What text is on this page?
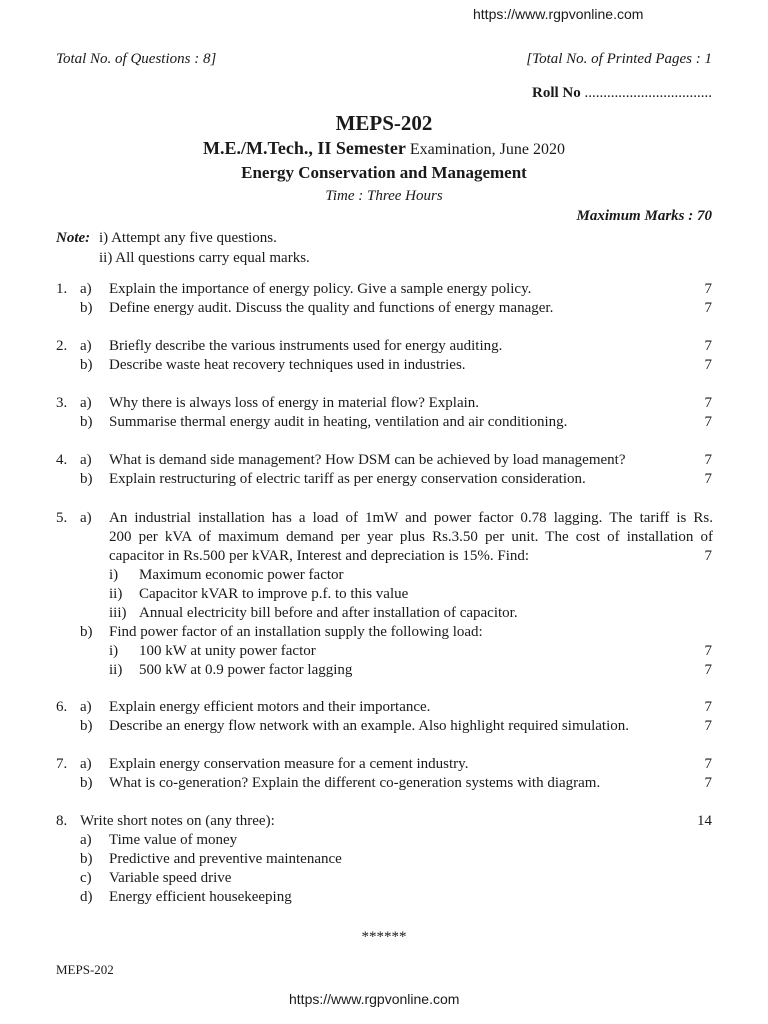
https://www.rgpvonline.com
Total No. of Questions : 8]	[Total No. of Printed Pages : 1
Roll No ..................................
MEPS-202
M.E./M.Tech., II Semester Examination, June 2020
Energy Conservation and Management
Time : Three Hours
Maximum Marks : 70
Note: i) Attempt any five questions.
ii) All questions carry equal marks.
1. a) Explain the importance of energy policy. Give a sample energy policy.	7
b) Define energy audit. Discuss the quality and functions of energy manager.	7
2. a) Briefly describe the various instruments used for energy auditing.	7
b) Describe waste heat recovery techniques used in industries.	7
3. a) Why there is always loss of energy in material flow? Explain.	7
b) Summarise thermal energy audit in heating, ventilation and air conditioning.	7
4. a) What is demand side management? How DSM can be achieved by load management?	7
b) Explain restructuring of electric tariff as per energy conservation consideration.	7
5. a) An industrial installation has a load of 1mW and power factor 0.78 lagging. The tariff is Rs.
200 per kVA of maximum demand per year plus Rs.3.50 per unit. The cost of installation of
capacitor in Rs.500 per kVAR, Interest and depreciation is 15%. Find:	7
i) Maximum economic power factor
ii) Capacitor kVAR to improve p.f. to this value
iii) Annual electricity bill before and after installation of capacitor.
b) Find power factor of an installation supply the following load:
i) 100 kW at unity power factor	7
ii) 500 kW at 0.9 power factor lagging	7
6. a) Explain energy efficient motors and their importance.	7
b) Describe an energy flow network with an example. Also highlight required simulation.	7
7. a) Explain energy conservation measure for a cement industry.	7
b) What is co-generation? Explain the different co-generation systems with diagram.	7
8. Write short notes on (any three):	14
a) Time value of money
b) Predictive and preventive maintenance
c) Variable speed drive
d) Energy efficient housekeeping
******
MEPS-202
https://www.rgpvonline.com
